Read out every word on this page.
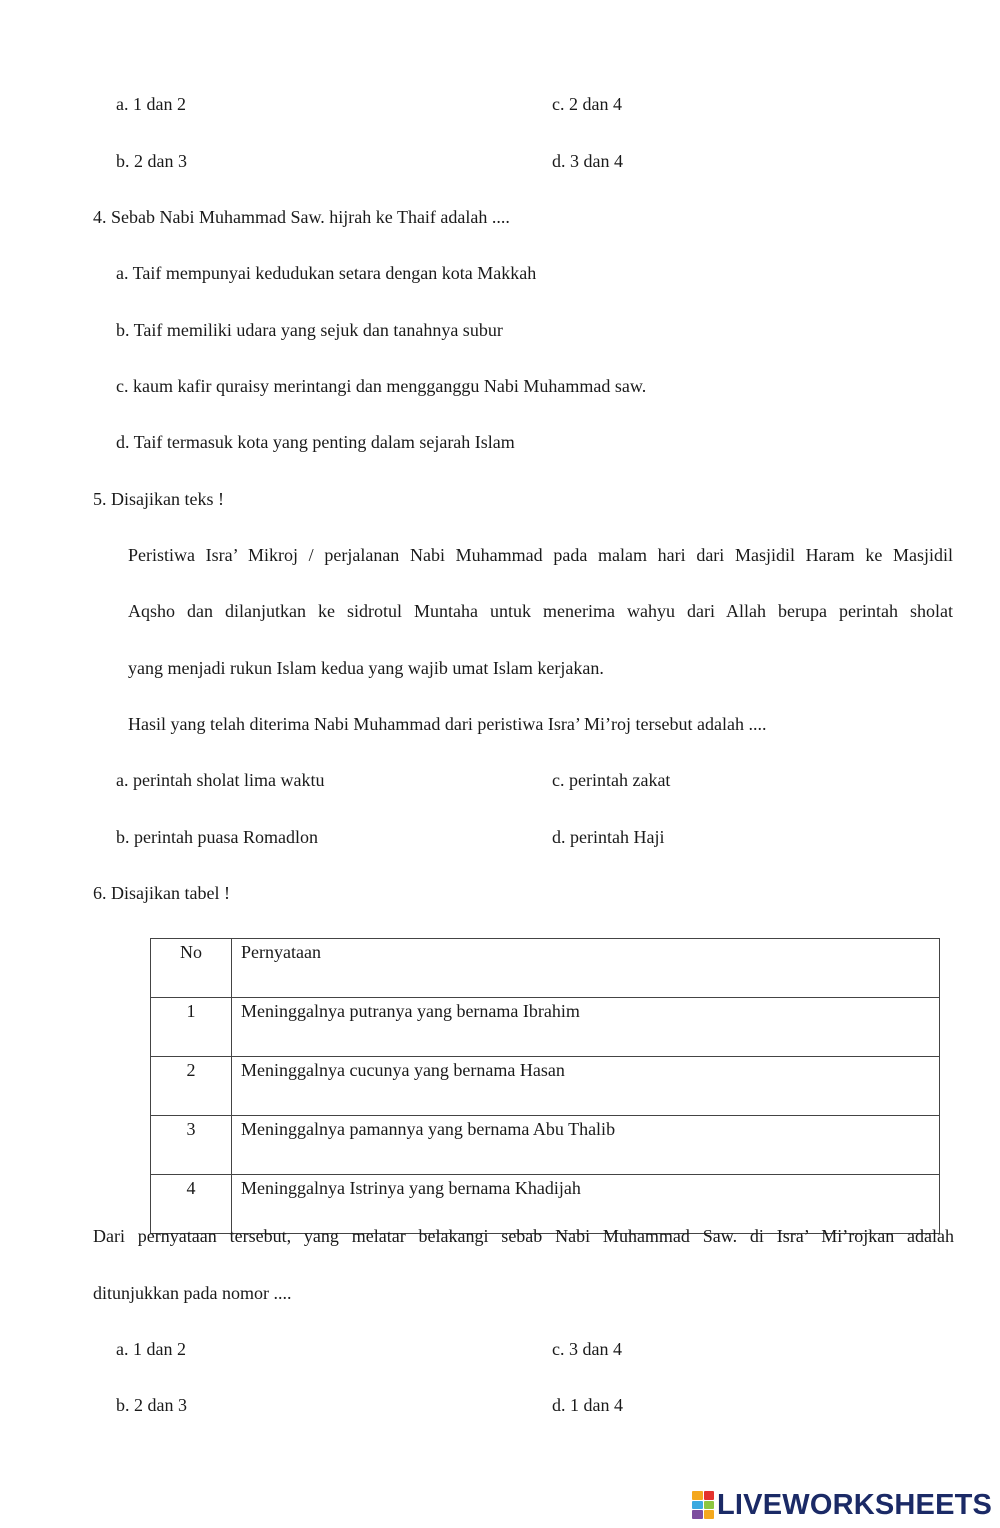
a. 1 dan 2	c. 2 dan 4
b. 2 dan 3	d. 3 dan 4
4. Sebab Nabi Muhammad Saw. hijrah ke Thaif adalah ....
a. Taif mempunyai kedudukan setara dengan kota Makkah
b. Taif memiliki udara yang sejuk dan tanahnya subur
c. kaum kafir quraisy merintangi dan mengganggu Nabi Muhammad saw.
d. Taif termasuk kota yang penting dalam sejarah Islam
5. Disajikan teks !
Peristiwa Isra’ Mikroj / perjalanan Nabi Muhammad pada malam hari dari Masjidil Haram ke Masjidil
Aqsho dan dilanjutkan ke sidrotul Muntaha untuk menerima wahyu dari Allah berupa perintah sholat
yang menjadi rukun Islam kedua yang wajib umat Islam kerjakan.
Hasil yang telah diterima Nabi Muhammad dari peristiwa Isra’ Mi’roj tersebut adalah ....
a. perintah sholat lima waktu	c. perintah zakat
b. perintah puasa Romadlon	d. perintah Haji
6. Disajikan tabel !
No	Pernyataan
1	Meninggalnya putranya yang bernama Ibrahim
2	Meninggalnya cucunya yang bernama Hasan
3	Meninggalnya pamannya yang bernama Abu Thalib
4	Meninggalnya Istrinya yang bernama Khadijah
Dari pernyataan tersebut, yang melatar belakangi sebab Nabi Muhammad Saw. di Isra’ Mi’rojkan adalah
ditunjukkan pada nomor ....
a. 1 dan 2	c. 3 dan 4
b. 2 dan 3	d. 1 dan 4
LIVEWORKSHEETS
